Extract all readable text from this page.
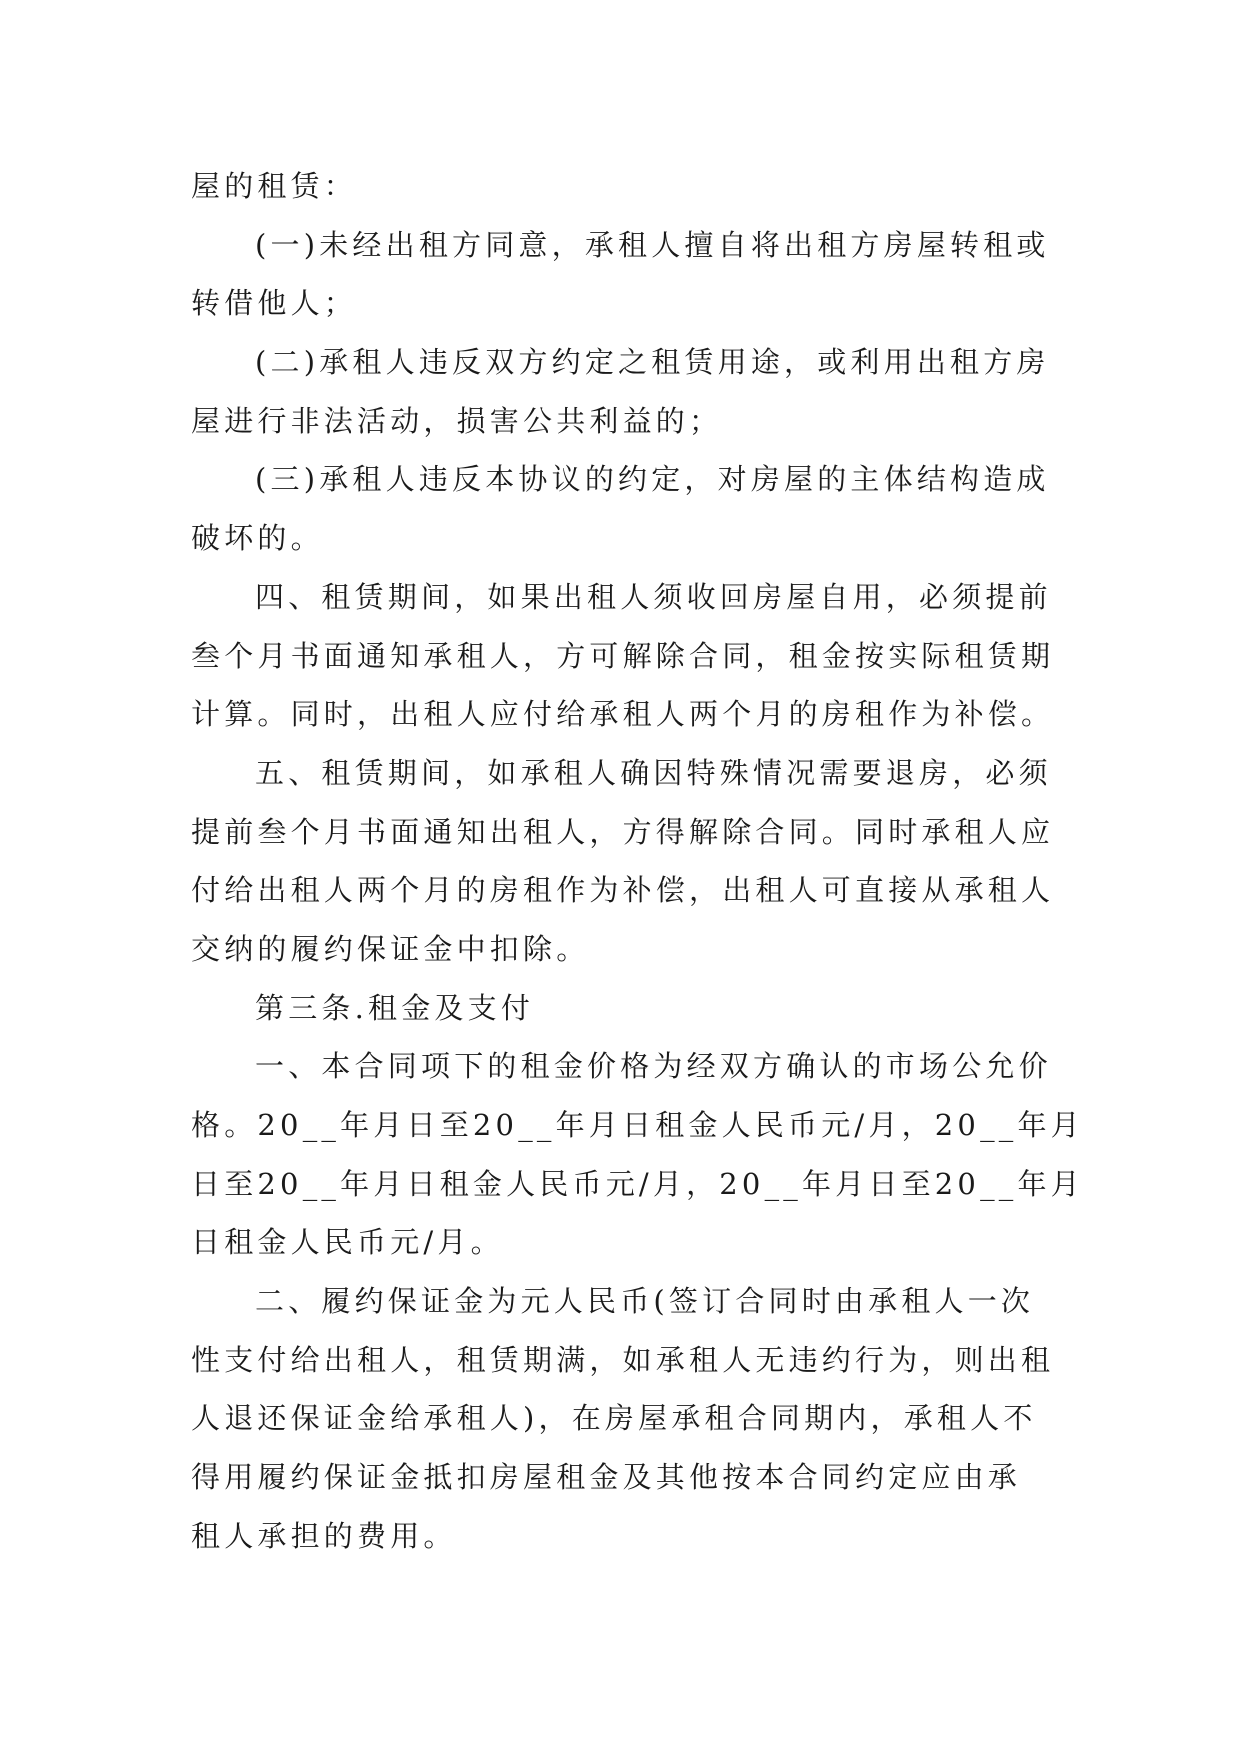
屋的租赁：
(一)未经出租方同意，承租人擅自将出租方房屋转租或
转借他人；
(二)承租人违反双方约定之租赁用途，或利用出租方房
屋进行非法活动，损害公共利益的；
(三)承租人违反本协议的约定，对房屋的主体结构造成
破坏的。
四、租赁期间，如果出租人须收回房屋自用，必须提前
叁个月书面通知承租人，方可解除合同，租金按实际租赁期
计算。同时，出租人应付给承租人两个月的房租作为补偿。
五、租赁期间，如承租人确因特殊情况需要退房，必须
提前叁个月书面通知出租人，方得解除合同。同时承租人应
付给出租人两个月的房租作为补偿，出租人可直接从承租人
交纳的履约保证金中扣除。
第三条.租金及支付
一、本合同项下的租金价格为经双方确认的市场公允价
格。20__年月日至20__年月日租金人民币元/月，20__年月
日至20__年月日租金人民币元/月，20__年月日至20__年月
日租金人民币元/月。
二、履约保证金为元人民币(签订合同时由承租人一次
性支付给出租人，租赁期满，如承租人无违约行为，则出租
人退还保证金给承租人)，在房屋承租合同期内，承租人不
得用履约保证金抵扣房屋租金及其他按本合同约定应由承
租人承担的费用。
